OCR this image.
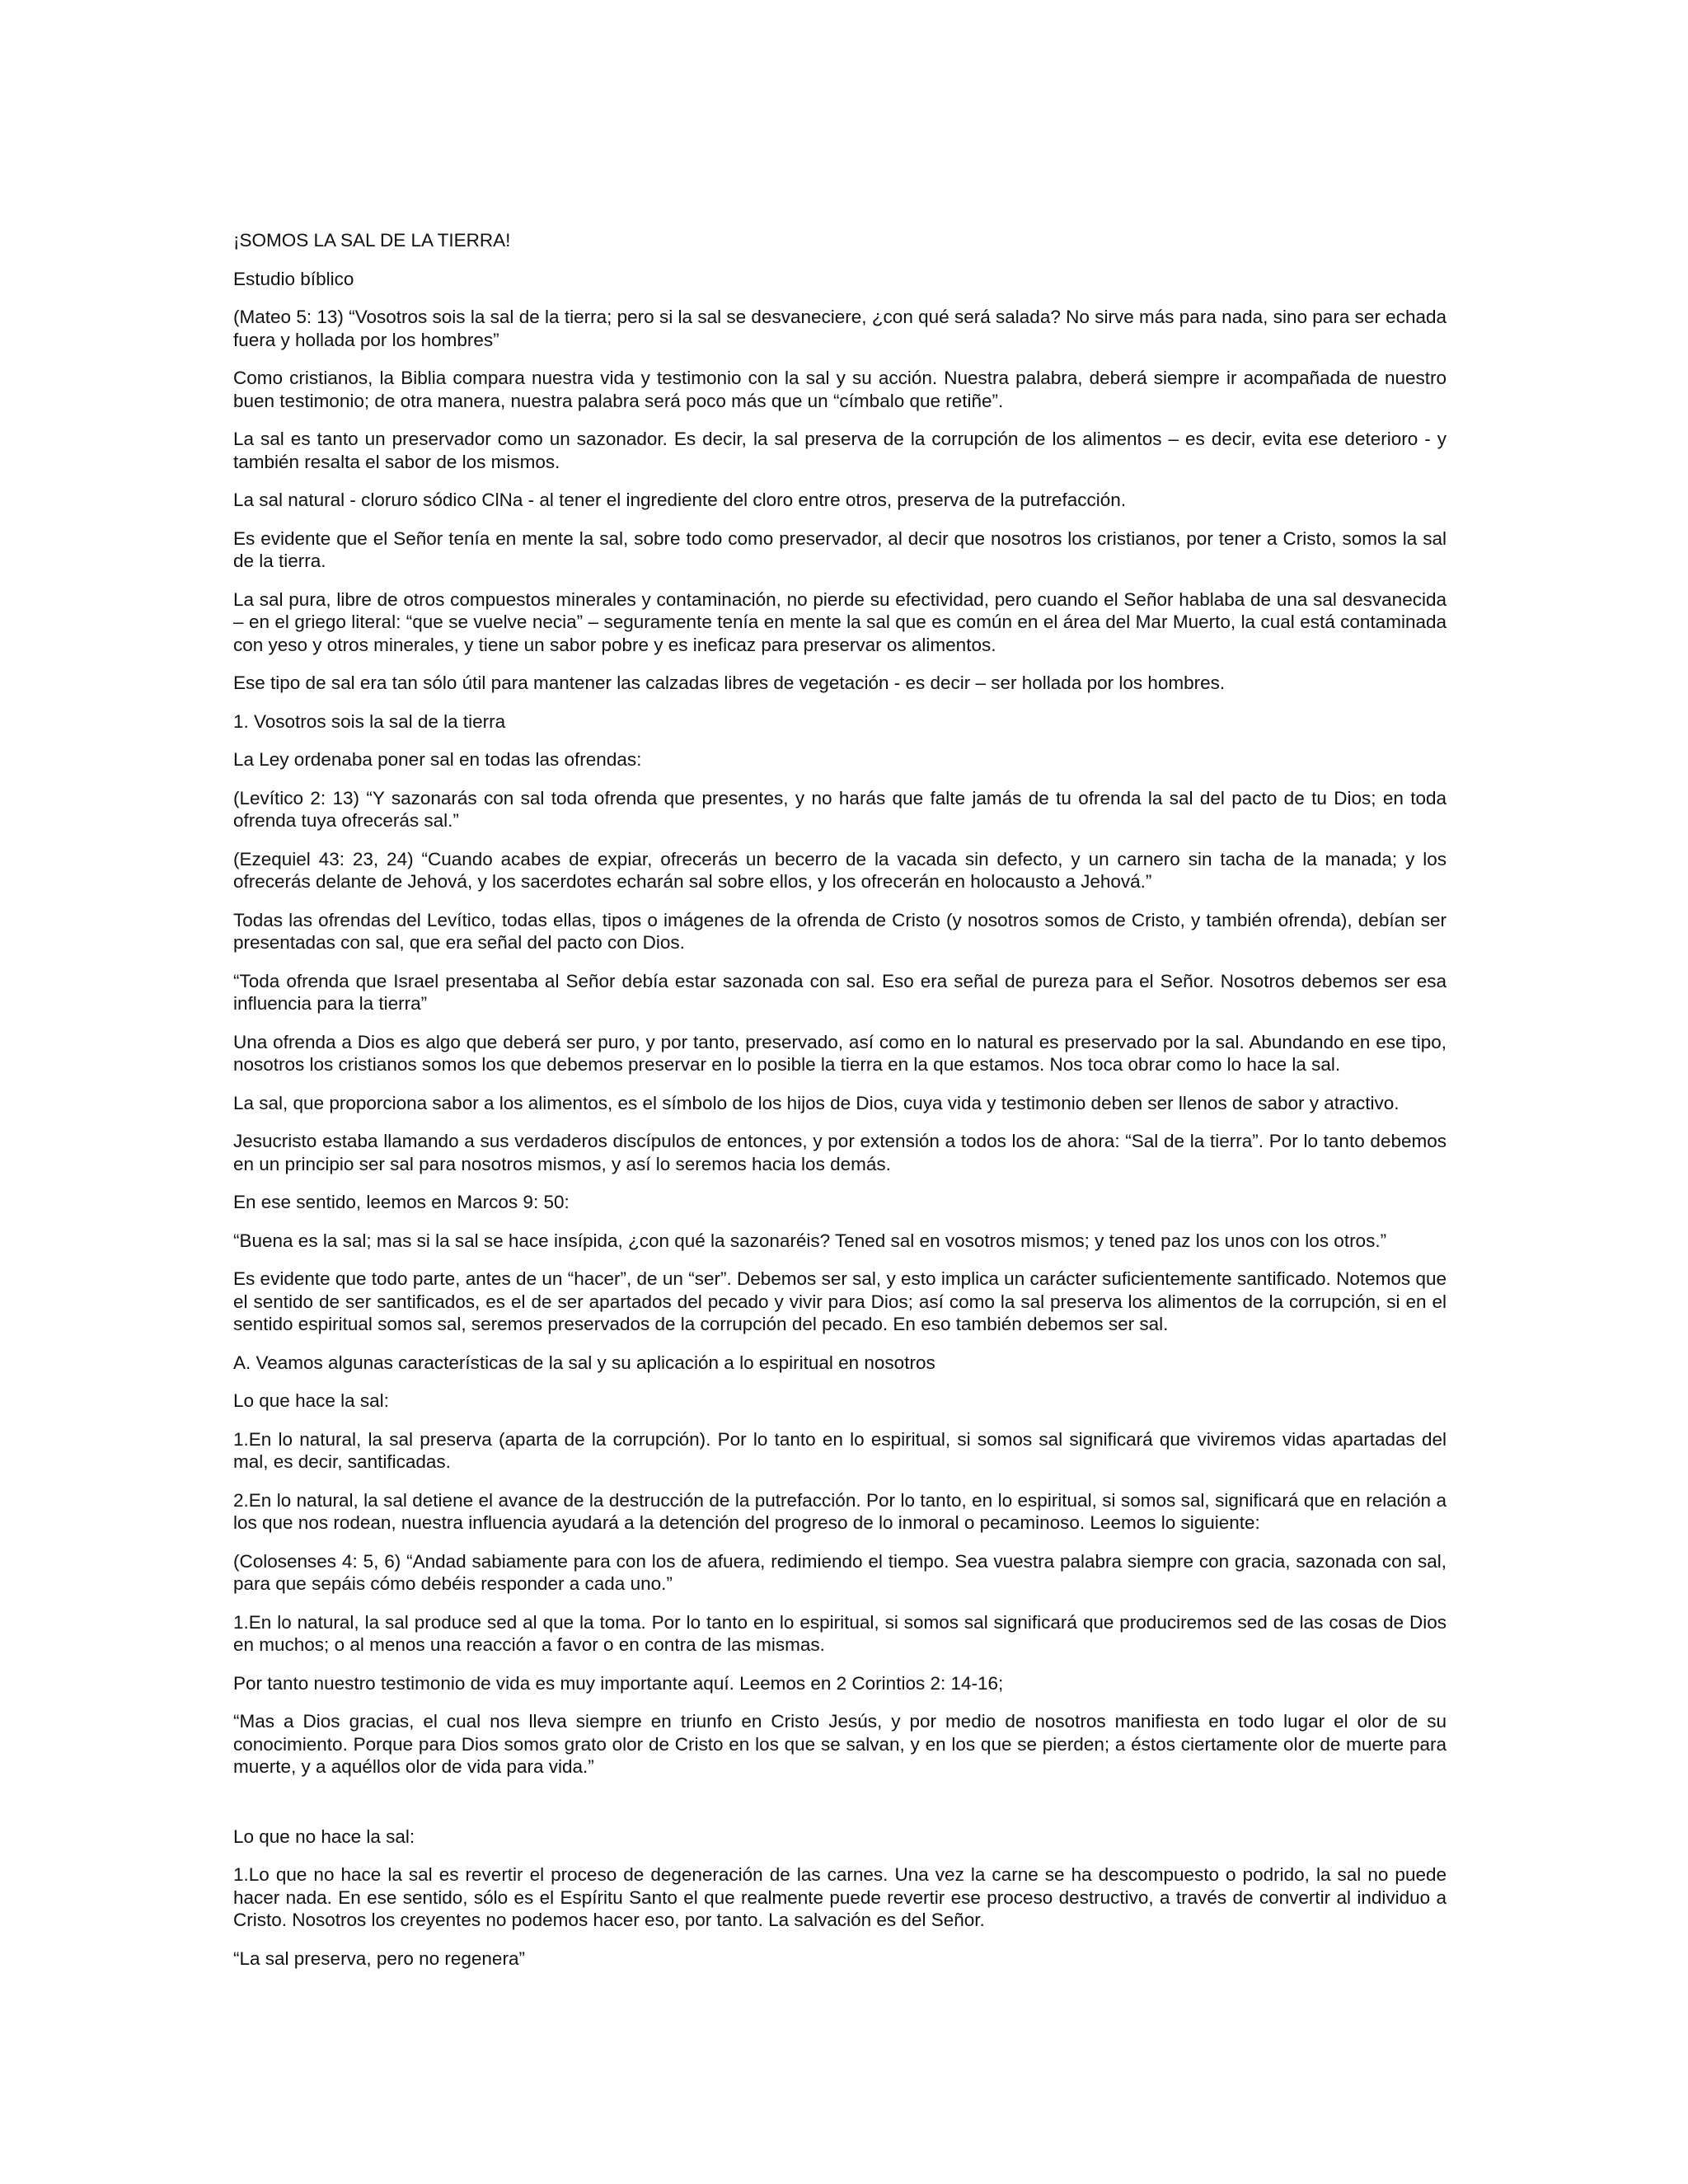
¡SOMOS LA SAL DE LA TIERRA!

Estudio bíblico

(Mateo 5: 13) “Vosotros sois la sal de la tierra; pero si la sal se desvaneciere, ¿con qué será salada? No sirve más para nada, sino para ser echada fuera y hollada por los hombres”

Como cristianos, la Biblia compara nuestra vida y testimonio con la sal y su acción. Nuestra palabra, deberá siempre ir acompañada de nuestro buen testimonio; de otra manera, nuestra palabra será poco más que un “címbalo que retiñe”.

La sal es tanto un preservador como un sazonador. Es decir, la sal preserva de la corrupción de los alimentos – es decir, evita ese deterioro - y también resalta el sabor de los mismos.

La sal natural - cloruro sódico ClNa - al tener el ingrediente del cloro entre otros, preserva de la putrefacción.

Es evidente que el Señor tenía en mente la sal, sobre todo como preservador, al decir que nosotros los cristianos, por tener a Cristo, somos la sal de la tierra.

La sal pura, libre de otros compuestos minerales y contaminación, no pierde su efectividad, pero cuando el Señor hablaba de una sal desvanecida – en el griego literal: “que se vuelve necia” – seguramente tenía en mente la sal que es común en el área del Mar Muerto, la cual está contaminada con yeso y otros minerales, y tiene un sabor pobre y es ineficaz para preservar os alimentos.

Ese tipo de sal era tan sólo útil para mantener las calzadas libres de vegetación - es decir – ser hollada por los hombres.

1. Vosotros sois la sal de la tierra

La Ley ordenaba poner sal en todas las ofrendas:

(Levítico 2: 13) “Y sazonarás con sal toda ofrenda que presentes, y no harás que falte jamás de tu ofrenda la sal del pacto de tu Dios; en toda ofrenda tuya ofrecerás sal.”

(Ezequiel 43: 23, 24) “Cuando acabes de expiar, ofrecerás un becerro de la vacada sin defecto, y un carnero sin tacha de la manada; y los ofrecerás delante de Jehová, y los sacerdotes echarán sal sobre ellos, y los ofrecerán en holocausto a Jehová.”

Todas las ofrendas del Levítico, todas ellas, tipos o imágenes de la ofrenda de Cristo (y nosotros somos de Cristo, y también ofrenda), debían ser presentadas con sal, que era señal del pacto con Dios.

“Toda ofrenda que Israel presentaba al Señor debía estar sazonada con sal. Eso era señal de pureza para el Señor. Nosotros debemos ser esa influencia para la tierra”

Una ofrenda a Dios es algo que deberá ser puro, y por tanto, preservado, así como en lo natural es preservado por la sal. Abundando en ese tipo, nosotros los cristianos somos los que debemos preservar en lo posible la tierra en la que estamos. Nos toca obrar como lo hace la sal.

La sal, que proporciona sabor a los alimentos, es el símbolo de los hijos de Dios, cuya vida y testimonio deben ser llenos de sabor y atractivo.

Jesucristo estaba llamando a sus verdaderos discípulos de entonces, y por extensión a todos los de ahora: “Sal de la tierra”. Por lo tanto debemos en un principio ser sal para nosotros mismos, y así lo seremos hacia los demás.

En ese sentido, leemos en Marcos 9: 50:

“Buena es la sal; mas si la sal se hace insípida, ¿con qué la sazonaréis? Tened sal en vosotros mismos; y tened paz los unos con los otros.”

Es evidente que todo parte, antes de un “hacer”, de un “ser”. Debemos ser sal, y esto implica un carácter suficientemente santificado. Notemos que el sentido de ser santificados, es el de ser apartados del pecado y vivir para Dios; así como la sal preserva los alimentos de la corrupción, si en el sentido espiritual somos sal, seremos preservados de la corrupción del pecado. En eso también debemos ser sal.

A. Veamos algunas características de la sal y su aplicación a lo espiritual en nosotros

Lo que hace la sal:

1.En lo natural, la sal preserva (aparta de la corrupción). Por lo tanto en lo espiritual, si somos sal significará que viviremos vidas apartadas del mal, es decir, santificadas.

2.En lo natural, la sal detiene el avance de la destrucción de la putrefacción. Por lo tanto, en lo espiritual, si somos sal, significará que en relación a los que nos rodean, nuestra influencia ayudará a la detención del progreso de lo inmoral o pecaminoso. Leemos lo siguiente:

(Colosenses 4: 5, 6) “Andad sabiamente para con los de afuera, redimiendo el tiempo. Sea vuestra palabra siempre con gracia, sazonada con sal, para que sepáis cómo debéis responder a cada uno.”

1.En lo natural, la sal produce sed al que la toma. Por lo tanto en lo espiritual, si somos sal significará que produciremos sed de las cosas de Dios en muchos; o al menos una reacción a favor o en contra de las mismas.

Por tanto nuestro testimonio de vida es muy importante aquí. Leemos en 2 Corintios 2: 14-16;

“Mas a Dios gracias, el cual nos lleva siempre en triunfo en Cristo Jesús, y por medio de nosotros manifiesta en todo lugar el olor de su conocimiento. Porque para Dios somos grato olor de Cristo en los que se salvan, y en los que se pierden; a éstos ciertamente olor de muerte para muerte, y a aquéllos olor de vida para vida.”

Lo que no hace la sal:

1.Lo que no hace la sal es revertir el proceso de degeneración de las carnes. Una vez la carne se ha descompuesto o podrido, la sal no puede hacer nada. En ese sentido, sólo es el Espíritu Santo el que realmente puede revertir ese proceso destructivo, a través de convertir al individuo a Cristo. Nosotros los creyentes no podemos hacer eso, por tanto. La salvación es del Señor.

“La sal preserva, pero no regenera”
